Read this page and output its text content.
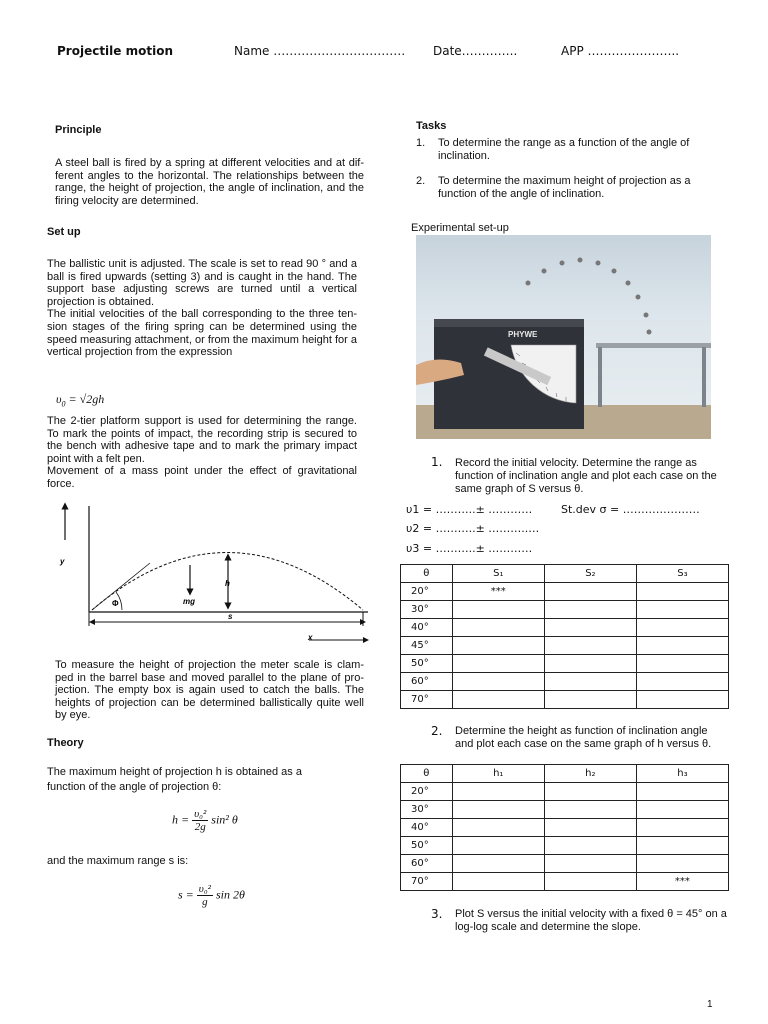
Projectile motion	Name …………………………… Date…………..	APP …………………..
Principle
A steel ball is fired by a spring at different velocities and at dif- ferent angles to the horizontal. The relationships between the range, the height of projection, the angle of inclination, and the firing velocity are determined.
Set up

The ballistic unit is adjusted. The scale is set to read 90 ° and a ball is fired upwards (setting 3) and is caught in the hand. The support base adjusting screws are turned until a vertical projection is obtained.

The initial velocities of the ball corresponding to the three ten- sion stages of the firing spring can be determined using the speed measuring attachment, or from the maximum height for a vertical projection from the expression

$\upsilon_0 = √2gh$

The 2-tier platform support is used for determining the range. To mark the points of impact, the recording strip is secured to the bench with adhesive tape and to mark the primary impact point with a felt pen.

Movement of a mass point under the effect of gravitational force.

y
x
h
mg
s
Φ
To measure the height of projection the meter scale is clam- ped in the barrel base and moved parallel to the plane of pro- jection. The empty box is again used to catch the balls. The heights of projection can be determined ballistically quite well by eye.
Theory
The maximum height of projection h is obtained as a function of the angle of projection θ:
$h = \frac{\text{υ₀²}}{2g} \sin^2$ θ
and the maximum range s is:
$s = \frac{\text{υ₀²}}{g}$ sin 2θ
Tasks
1. To determine the range as a function of the angle of inclination.
2. To determine the maximum height of projection as a function of the angle of inclination.
Experimental set-up
PHYWE
1. Record the initial velocity. Determine the range as function of inclination angle and plot each case on the same graph of S versus θ.
υ1 = ………..± …………	St.dev σ = …………………
υ2 = ………..± ………..…
υ3 = ………..± …………
θ	S₁	S₂	S₃
20°	***		
30°			
40°			
45°			
50°			
60°			
70°			
2. Determine the height as function of inclination angle and plot each case on the same graph of h versus θ.
θ	h₁	h₂	h₃
20°			
30°			
40°			
50°			
60°			
70°			***
3. Plot S versus the initial velocity with a fixed θ = 45° on a log-log scale and determine the slope.
1
